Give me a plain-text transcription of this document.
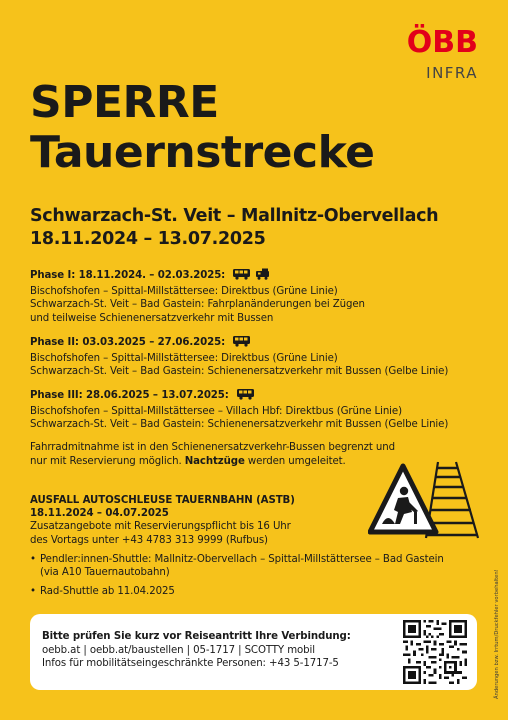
ÖBB
INFRA
SPERRE
Tauernstrecke
Schwarzach-St. Veit – Mallnitz-Obervellach
18.11.2024 – 13.07.2025
Phase I: 18.11.2024. – 02.03.2025:
Bischofshofen – Spittal-Millstättersee: Direktbus (Grüne Linie)
Schwarzach-St. Veit – Bad Gastein: Fahrplanänderungen bei Zügen
und teilweise Schienenersatzverkehr mit Bussen
Phase II: 03.03.2025 – 27.06.2025:
Bischofshofen – Spittal-Millstättersee: Direktbus (Grüne Linie)
Schwarzach-St. Veit – Bad Gastein: Schienenersatzverkehr mit Bussen (Gelbe Linie)
Phase III: 28.06.2025 – 13.07.2025:
Bischofshofen – Spittal-Millstättersee – Villach Hbf: Direktbus (Grüne Linie)
Schwarzach-St. Veit – Bad Gastein: Schienenersatzverkehr mit Bussen (Gelbe Linie)
Fahrradmitnahme ist in den Schienenersatzverkehr-Bussen begrenzt und
nur mit Reservierung möglich. Nachtzüge werden umgeleitet.
AUSFALL AUTOSCHLEUSE TAUERNBAHN (ASTB)
18.11.2024 – 04.07.2025
Zusatzangebote mit Reservierungspflicht bis 16 Uhr
des Vortags unter +43 4783 313 9999 (Rufbus)
• Pendler:innen-Shuttle: Mallnitz-Obervellach – Spittal-Millstättersee – Bad Gastein (via A10 Tauernautobahn)
• Rad-Shuttle ab 11.04.2025	Änderungen bzw. Irrtum/Druckfehler vorbehalten!
Bitte prüfen Sie kurz vor Reiseantritt Ihre Verbindung:
oebb.at | oebb.at/baustellen | 05-1717 | SCOTTY mobil
Infos für mobilitätseingeschränkte Personen: +43 5-1717-5
